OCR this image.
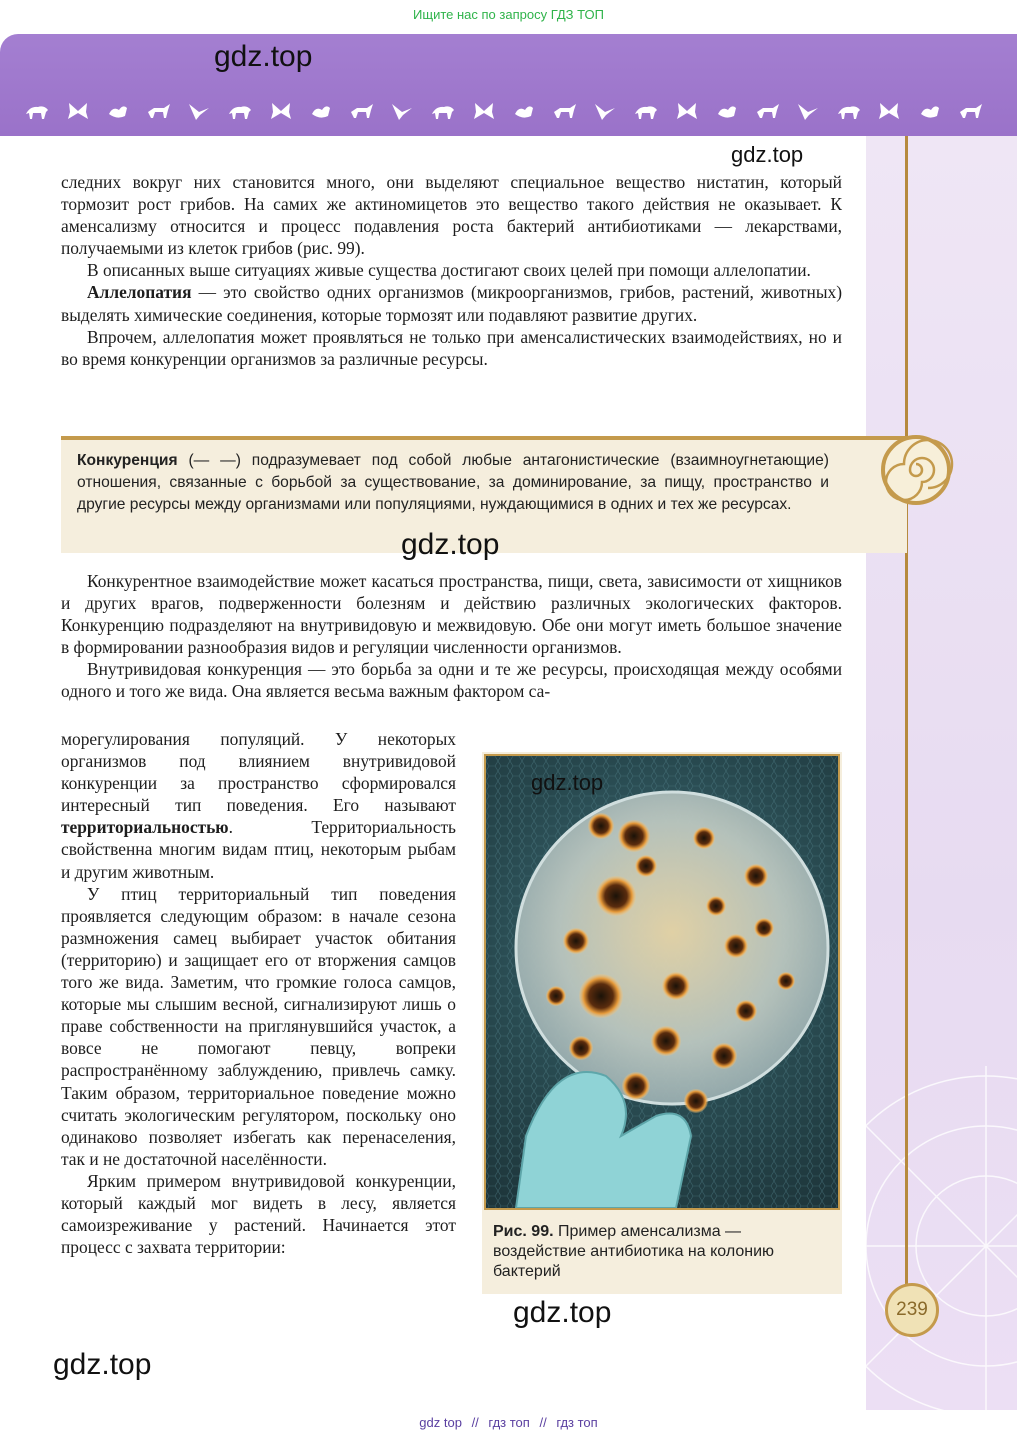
Ищите нас по запросу ГДЗ ТОП
gdz.top
gdz.top

следних вокруг них становится много, они выделяют специальное вещество нистатин, который тормозит рост грибов. На самих же актиномицетов это вещество такого действия не оказывает. К аменсализму относится и процесс подавления роста бактерий антибиотиками — лекарствами, получаемыми из клеток грибов (рис. 99).

В описанных выше ситуациях живые существа достигают своих целей при помощи аллелопатии.

Аллелопатия — это свойство одних организмов (микроорганизмов, грибов, растений, животных) выделять химические соединения, которые тормозят или подавляют развитие других.

Впрочем, аллелопатия может проявляться не только при аменсалистических взаимодействиях, но и во время конкуренции организмов за различные ресурсы.

Конкуренция (— —) подразумевает под собой любые антагонистические (взаимноугнетающие) отношения, связанные с борьбой за существование, за доминирование, за пищу, пространство и другие ресурсы между организмами или популяциями, нуждающимися в одних и тех же ресурсах.

gdz.top

Конкурентное взаимодействие может касаться пространства, пищи, света, зависимости от хищников и других врагов, подверженности болезням и действию различных экологических факторов. Конкуренцию подразделяют на внутривидовую и межвидовую. Обе они могут иметь большое значение в формировании разнообразия видов и регуляции численности организмов.

Внутривидовая конкуренция — это борьба за одни и те же ресурсы, происходящая между особями одного и того же вида. Она является весьма важным фактором са-

морегулирования популяций. У некоторых организмов под влиянием внутривидовой конкуренции за пространство сформировался интересный тип поведения. Его называют территориальностью. Территориальность свойственна многим видам птиц, некоторым рыбам и другим животным.

У птиц территориальный тип поведения проявляется следующим образом: в начале сезона размножения самец выбирает участок обитания (территорию) и защищает его от вторжения самцов того же вида. Заметим, что громкие голоса самцов, которые мы слышим весной, сигнализируют лишь о праве собственности на приглянувшийся участок, а вовсе не помогают певцу, вопреки распространённому заблуждению, привлечь самку. Таким образом, территориальное поведение можно считать экологическим регулятором, поскольку оно одинаково позволяет избегать как перенаселения, так и не достаточной населённости.

Ярким примером внутривидовой конкуренции, который каждый мог видеть в лесу, является самоизреживание у растений. Начинается этот процесс с захвата территории:

Рис. 99. Пример аменсализма — воздействие антибиотика на колонию бактерий
gdz.top
gdz.top
gdz.top
239
gdz top // гдз топ // гдз топ
